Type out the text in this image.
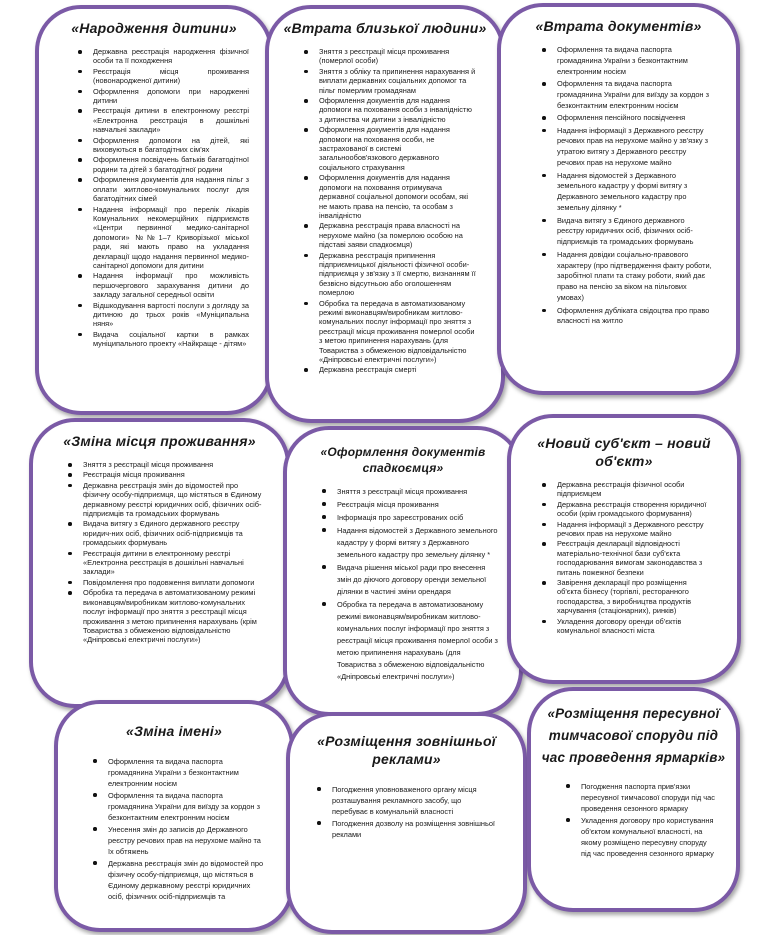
«Народження дитини»
Державна реєстрація народження фізичної особи та її походження
Реєстрація місця проживання (новонародженої дитини)
Оформлення допомоги при народженні дитини
Реєстрація дитини в електронному реєстрі «Електронна реєстрація в дошкільні навчальні заклади»
Оформлення допомоги на дітей, які виховуються в багатодітних сім'ях
Оформлення посвідчень батьків багатодітної родини та дітей з багатодітної родини
Оформлення документів для надання пільг з оплати житлово-комунальних послуг для багатодітних сімей
Надання інформації про перелік лікарів Комунальних некомерційних підприємств «Центри первинної медико-санітарної допомоги» №№1–7 Криворізької міської ради, які мають право на укладання декларації щодо надання первинної медико-санітарної допомоги для дитини
Надання інформації про можливість першочергового зарахування дитини до закладу загальної середньої освіти
Відшкодування вартості послуги з догляду за дитиною до трьох років «Муніципальна няня»
Видача соціальної картки в рамках муніципального проекту «Найкраще - дітям»
«Втрата близької людини»
Зняття з реєстрації місця проживання (померлої особи)
Зняття з обліку та припинення нарахування й виплати державних соціальних допомог та пільг померлим громадянам
Оформлення документів для надання допомоги на поховання особи з інвалідністю з дитинства чи дитини з інвалідністю
Оформлення документів для надання допомоги на поховання особи, не застрахованої в системі загальнообов'язкового державного соціального страхування
Оформлення документів для надання допомоги на поховання отримувача державної соціальної допомоги особам, які не мають права на пенсію, та особам з інвалідністю
Державна реєстрація права власності на нерухоме майно (за померлою особою на підставі заяви спадкоємця)
Державна реєстрація припинення підприємницької діяльності фізичної особи-підприємця у зв'язку з її смертю, визнанням її безвісно відсутньою або оголошенням померлою
Обробка та передача в автоматизованому режимі виконавцям/виробникам житлово-комунальних послуг інформації про зняття з реєстрації місця проживання померлої особи з метою припинення нарахувань (для Товариства з обмеженою відповідальністю «Дніпровські електричні послуги»)
Державна реєстрація смерті
«Втрата документів»
Оформлення та видача паспорта громадянина України з безконтактним електронним носієм
Оформлення та видача паспорта громадянина України для виїзду за кордон з безконтактним електронним носієм
Оформлення пенсійного посвідчення
Надання інформації з Державного реєстру речових прав на нерухоме майно у зв'язку з утратою витягу з Державного реєстру речових прав на нерухоме майно
Надання відомостей з Державного земельного кадастру у формі витягу з Державного земельного кадастру про земельну ділянку *
Видача витягу з Єдиного державного реєстру юридичних осіб, фізичних осіб-підприємців та громадських формувань
Надання довідки соціально-правового характеру (про підтвердження факту роботи, заробітної плати та стажу роботи, який дає право на пенсію за віком на пільгових умовах)
Оформлення дубліката свідоцтва про право власності на житло
«Зміна місця проживання»
Зняття з реєстрації місця проживання
Реєстрація місця проживання
Державна реєстрація змін до відомостей про фізичну особу-підприємця, що містяться в Єдиному державному реєстрі юридичних осіб, фізичних осіб-підприємців та громадських формувань
Видача витягу з Єдиного державного реєстру юридич-них осіб, фізичних осіб-підприємців та громадських формувань
Реєстрація дитини в електронному реєстрі «Електронна реєстрація в дошкільні навчальні заклади»
Повідомлення про подовження виплати допомоги
Обробка та передача в автоматизованому режимі виконавцям/виробникам житлово-комунальних послуг інформації про зняття з реєстрації місця проживання з метою припинення нарахувань (крім Товариства з обмеженою відповідальністю «Дніпровські електричні послуги»)
«Оформлення документів спадкоємця»
Зняття з реєстрації місця проживання
Реєстрація місця проживання
Інформація про зареєстрованих осіб
Надання відомостей з Державного земельного кадастру у формі витягу з Державного земельного кадастру про земельну ділянку *
Видача рішення міської ради про внесення змін до діючого договору оренди земельної ділянки в частині зміни орендаря
Обробка та передача в автоматизованому режимі виконавцям/виробникам житлово-комунальних послуг інформації про зняття з реєстрації місця проживання померлої особи з метою припинення нарахувань (для Товариства з обмеженою відповідальністю «Дніпровські електричні послуги»)
«Новий суб'єкт – новий об'єкт»
Державна реєстрація фізичної особи підприємцем
Державна реєстрація створення юридичної особи (крім громадського формування)
Надання інформації з Державного реєстру речових прав на нерухоме майно
Реєстрація декларації відповідності матеріально-технічної бази суб'єкта господарювання вимогам законодавства з питань пожежної безпеки
Завірення декларації про розміщення об'єкта бізнесу (торгівлі, ресторанного господарства, з виробництва продуктів харчування (стаціонарних), ринків)
Укладення договору оренди об'єктів комунальної власності міста
«Зміна імені»
Оформлення та видача паспорта громадянина України з безконтактним електронним носієм
Оформлення та видача паспорта громадянина України для виїзду за кордон з безконтактним електронним носієм
Унесення змін до записів до Державного реєстру речових прав на нерухоме майно та їх обтяжень
Державна реєстрація змін до відомостей про фізичну особу-підприємця, що містяться в Єдиному державному реєстрі юридичних осіб, фізичних осіб-підприємців та
«Розміщення зовнішньої реклами»
Погодження уповноваженого органу місця розташування рекламного засобу, що перебуває в комунальній власності
Погодження дозволу на розміщення зовнішньої реклами
«Розміщення пересувної тимчасової споруди під час проведення ярмарків»
Погодження паспорта прив'язки пересувної тимчасової споруди під час проведення сезонного ярмарку
Укладення договору про користування об'єктом комунальної власності, на якому розміщено пересувну споруду під час проведення сезонного ярмарку
